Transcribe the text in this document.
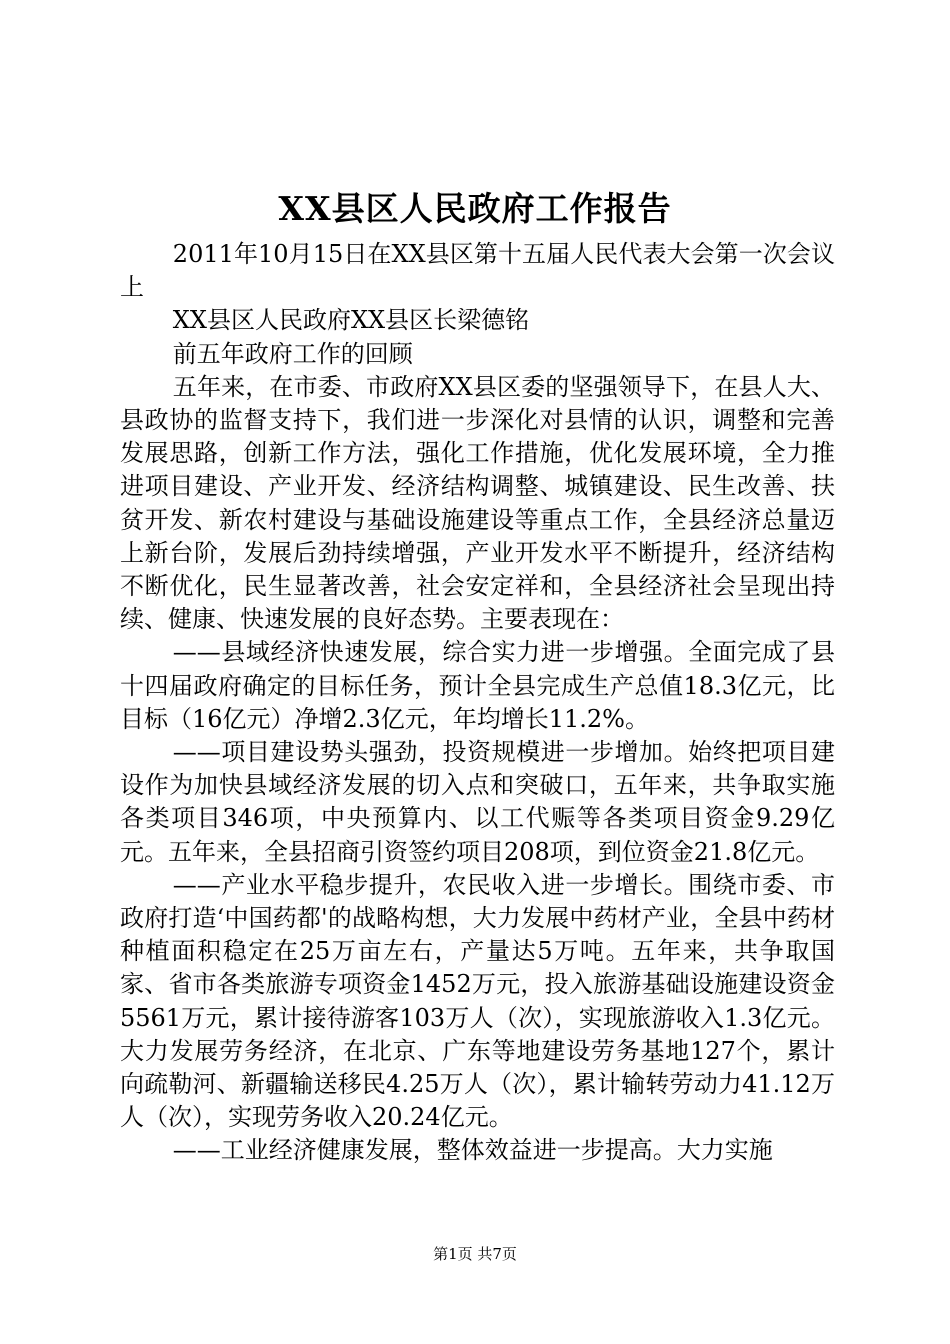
XX县区人民政府工作报告

2011年10月15日在XX县区第十五届人民代表大会第一次会议上

XX县区人民政府XX县区长梁德铭

前五年政府工作的回顾

五年来，在市委、市政府XX县区委的坚强领导下，在县人大、县政协的监督支持下，我们进一步深化对县情的认识，调整和完善发展思路，创新工作方法，强化工作措施，优化发展环境，全力推进项目建设、产业开发、经济结构调整、城镇建设、民生改善、扶贫开发、新农村建设与基础设施建设等重点工作，全县经济总量迈上新台阶，发展后劲持续增强，产业开发水平不断提升，经济结构不断优化，民生显著改善，社会安定祥和，全县经济社会呈现出持续、健康、快速发展的良好态势。主要表现在：

——县域经济快速发展，综合实力进一步增强。全面完成了县十四届政府确定的目标任务，预计全县完成生产总值18.3亿元，比目标（16亿元）净增2.3亿元，年均增长11.2%。

——项目建设势头强劲，投资规模进一步增加。始终把项目建设作为加快县域经济发展的切入点和突破口，五年来，共争取实施各类项目346项，中央预算内、以工代赈等各类项目资金9.29亿元。五年来，全县招商引资签约项目208项，到位资金21.8亿元。

——产业水平稳步提升，农民收入进一步增长。围绕市委、市政府打造‘中国药都'的战略构想，大力发展中药材产业，全县中药材种植面积稳定在25万亩左右，产量达5万吨。五年来，共争取国家、省市各类旅游专项资金1452万元，投入旅游基础设施建设资金5561万元，累计接待游客103万人（次），实现旅游收入1.3亿元。大力发展劳务经济，在北京、广东等地建设劳务基地127个，累计向疏勒河、新疆输送移民4.25万人（次），累计输转劳动力41.12万人（次），实现劳务收入20.24亿元。

——工业经济健康发展，整体效益进一步提高。大力实施

第1页 共7页
